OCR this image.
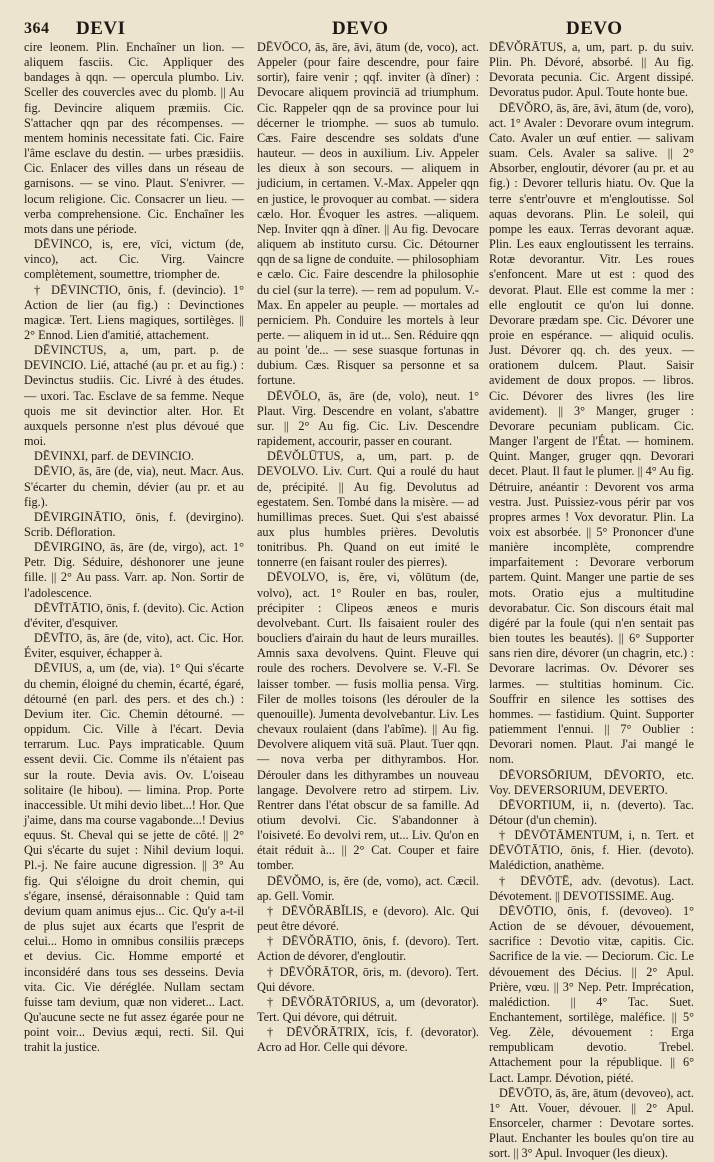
364 DEVI	DEVO	DEVO

cire leonem. Plin. Enchaîner un lion. — aliquem fasciis. Cic. Appliquer des bandages à qqn. — opercula plumbo. Liv. Sceller des couvercles avec du plomb. || Au fig. Devincire aliquem præmiis. Cic. S'attacher qqn par des récompenses. — mentem hominis necessitate fati. Cic. Faire l'âme esclave du destin. — urbes præsidiis. Cic. Enlacer des villes dans un réseau de garnisons. — se vino. Plaut. S'enivrer. — locum religione. Cic. Consacrer un lieu. — verba comprehensione. Cic. Enchaîner les mots dans une période.

DĒVINCO, is, ere, vīci, victum (de, vinco), act. Cic. Virg. Vaincre complètement, soumettre, triompher de.

† DĒVINCTIO, ōnis, f. (devincio). 1° Action de lier (au fig.) : Devinctiones magicæ. Tert. Liens magiques, sortilèges. || 2° Ennod. Lien d'amitié, attachement.

DĒVINCTUS, a, um, part. p. de DEVINCIO. Lié, attaché (au pr. et au fig.) : Devinctus studiis. Cic. Livré à des études. — uxori. Tac. Esclave de sa femme. Neque quois me sit devinctior alter. Hor. Et auxquels personne n'est plus dévoué que moi.

DĒVINXI, parf. de DEVINCIO.

DĒVIO, ās, āre (de, via), neut. Macr. Aus. S'écarter du chemin, dévier (au pr. et au fig.).

DĒVIRGINĀTIO, ōnis, f. (devirgino). Scrib. Défloration.

DĒVIRGINO, ās, āre (de, virgo), act. 1° Petr. Dig. Séduire, déshonorer une jeune fille. || 2° Au pass. Varr. ap. Non. Sortir de l'adolescence.

DĒVĪTĀTIO, ōnis, f. (devito). Cic. Action d'éviter, d'esquiver.

DĒVĪTO, ās, āre (de, vito), act. Cic. Hor. Éviter, esquiver, échapper à.

DĒVIUS, a, um (de, via). 1° Qui s'écarte du chemin, éloigné du chemin, écarté, égaré, détourné (en parl. des pers. et des ch.) : Devium iter. Cic. Chemin détourné. — oppidum. Cic. Ville à l'écart. Devia terrarum. Luc. Pays impraticable. Quum essent devii. Cic. Comme ils n'étaient pas sur la route. Devia avis. Ov. L'oiseau solitaire (le hibou). — limina. Prop. Porte inaccessible. Ut mihi devio libet...! Hor. Que j'aime, dans ma course vagabonde...! Devius equus. St. Cheval qui se jette de côté. || 2° Qui s'écarte du sujet : Nihil devium loqui. Pl.-j. Ne faire aucune digression. || 3° Au fig. Qui s'éloigne du droit chemin, qui s'égare, insensé, déraisonnable : Quid tam devium quam animus ejus... Cic. Qu'y a-t-il de plus sujet aux écarts que l'esprit de celui... Homo in omnibus consiliis præceps et devius. Cic. Homme emporté et inconsidéré dans tous ses desseins. Devia vita. Cic. Vie déréglée. Nullam sectam fuisse tam devium, quæ non videret... Lact. Qu'aucune secte ne fut assez égarée pour ne point voir... Devius æqui, recti. Sil. Qui trahit la justice.

DĒVŌCO, ās, āre, āvi, ātum (de, voco), act. Appeler (pour faire descendre, pour faire sortir), faire venir ; qqf. inviter (à dîner) : Devocare aliquem provinciā ad triumphum. Cic. Rappeler qqn de sa province pour lui décerner le triomphe. — suos ab tumulo. Cæs. Faire descendre ses soldats d'une hauteur. — deos in auxilium. Liv. Appeler les dieux à son secours. — aliquem in judicium, in certamen. V.-Max. Appeler qqn en justice, le provoquer au combat. — sidera cælo. Hor. Évoquer les astres. —aliquem. Nep. Inviter qqn à dîner. || Au fig. Devocare aliquem ab instituto cursu. Cic. Détourner qqn de sa ligne de conduite. — philosophiam e cælo. Cic. Faire descendre la philosophie du ciel (sur la terre). — rem ad populum. V.-Max. En appeler au peuple. — mortales ad perniciem. Ph. Conduire les mortels à leur perte. — aliquem in id ut... Sen. Réduire qqn au point 'de... — sese suasque fortunas in dubium. Cæs. Risquer sa personne et sa fortune.

DĒVŌLO, ās, āre (de, volo), neut. 1° Plaut. Virg. Descendre en volant, s'abattre sur. || 2° Au fig. Cic. Liv. Descendre rapidement, accourir, passer en courant.

DĒVŎLŪTUS, a, um, part. p. de DEVOLVO. Liv. Curt. Qui a roulé du haut de, précipité. || Au fig. Devolutus ad egestatem. Sen. Tombé dans la misère. — ad humillimas preces. Suet. Qui s'est abaissé aux plus humbles prières. Devolutis tonitribus. Ph. Quand on eut imité le tonnerre (en faisant rouler des pierres).

DĒVOLVO, is, ĕre, vi, vŏlūtum (de, volvo), act. 1° Rouler en bas, rouler, précipiter : Clipeos æneos e muris devolvebant. Curt. Ils faisaient rouler des boucliers d'airain du haut de leurs murailles. Amnis saxa devolvens. Quint. Fleuve qui roule des rochers. Devolvere se. V.-Fl. Se laisser tomber. — fusis mollia pensa. Virg. Filer de molles toisons (les dérouler de la quenouille). Jumenta devolvebantur. Liv. Les chevaux roulaient (dans l'abîme). || Au fig. Devolvere aliquem vitā suā. Plaut. Tuer qqn. — nova verba per dithyrambos. Hor. Dérouler dans les dithyrambes un nouveau langage. Devolvere retro ad stirpem. Liv. Rentrer dans l'état obscur de sa famille. Ad otium devolvi. Cic. S'abandonner à l'oisiveté. Eo devolvi rem, ut... Liv. Qu'on en était réduit à... || 2° Cat. Couper et faire tomber.

DĒVŎMO, is, ĕre (de, vomo), act. Cæcil. ap. Gell. Vomir.

† DĒVŎRĀBĬLIS, e (devoro). Alc. Qui peut être dévoré.

† DĒVŎRĀTIO, ōnis, f. (devoro). Tert. Action de dévorer, d'engloutir.

† DĒVŎRĀTOR, ōris, m. (devoro). Tert. Qui dévore.

† DĒVŎRĀTŌRIUS, a, um (devorator). Tert. Qui dévore, qui détruit.

† DĒVŎRĀTRIX, īcis, f. (devorator). Acro ad Hor. Celle qui dévore.

DĒVŎRĀTUS, a, um, part. p. du suiv. Plin. Ph. Dévoré, absorbé. || Au fig. Devorata pecunia. Cic. Argent dissipé. Devoratus pudor. Apul. Toute honte bue.

DĒVŎRO, ās, āre, āvi, ātum (de, voro), act. 1° Avaler : Devorare ovum integrum. Cato. Avaler un œuf entier. — salivam suam. Cels. Avaler sa salive. || 2° Absorber, engloutir, dévorer (au pr. et au fig.) : Devorer telluris hiatu. Ov. Que la terre s'entr'ouvre et m'engloutisse. Sol aquas devorans. Plin. Le soleil, qui pompe les eaux. Terras devorant aquæ. Plin. Les eaux engloutissent les terrains. Rotæ devorantur. Vitr. Les roues s'enfoncent. Mare ut est : quod des devorat. Plaut. Elle est comme la mer : elle engloutit ce qu'on lui donne. Devorare prædam spe. Cic. Dévorer une proie en espérance. — aliquid oculis. Just. Dévorer qq. ch. des yeux. — orationem dulcem. Plaut. Saisir avidement de doux propos. — libros. Cic. Dévorer des livres (les lire avidement). || 3° Manger, gruger : Devorare pecuniam publicam. Cic. Manger l'argent de l'État. — hominem. Quint. Manger, gruger qqn. Devorari decet. Plaut. Il faut le plumer. || 4° Au fig. Détruire, anéantir : Devorent vos arma vestra. Just. Puissiez-vous périr par vos propres armes ! Vox devoratur. Plin. La voix est absorbée. || 5° Prononcer d'une manière incomplète, comprendre imparfaitement : Devorare verborum partem. Quint. Manger une partie de ses mots. Oratio ejus a multitudine devorabatur. Cic. Son discours était mal digéré par la foule (qui n'en sentait pas bien toutes les beautés). || 6° Supporter sans rien dire, dévorer (un chagrin, etc.) : Devorare lacrimas. Ov. Dévorer ses larmes. — stultitias hominum. Cic. Souffrir en silence les sottises des hommes. — fastidium. Quint. Supporter patiemment l'ennui. || 7° Oublier : Devorari nomen. Plaut. J'ai mangé le nom.

DĒVORSŌRIUM, DĒVORTO, etc. Voy. DEVERSORIUM, DEVERTO.

DĒVORTIUM, ii, n. (deverto). Tac. Détour (d'un chemin).

† DĒVŌTĀMENTUM, i, n. Tert. et DĒVŌTĀTIO, ōnis, f. Hier. (devoto). Malédiction, anathème.

† DĒVŌTĒ, adv. (devotus). Lact. Dévotement. || DEVOTISSIME. Aug.

DĒVŌTIO, ōnis, f. (devoveo). 1° Action de se dévouer, dévouement, sacrifice : Devotio vitæ, capitis. Cic. Sacrifice de la vie. — Deciorum. Cic. Le dévouement des Décius. || 2° Apul. Prière, vœu. || 3° Nep. Petr. Imprécation, malédiction. || 4° Tac. Suet. Enchantement, sortilège, maléfice. || 5° Veg. Zèle, dévouement : Erga rempublicam devotio. Trebel. Attachement pour la république. || 6° Lact. Lampr. Dévotion, piété.

DĒVŌTO, ās, āre, ātum (devoveo), act. 1° Att. Vouer, dévouer. || 2° Apul. Ensorceler, charmer : Devotare sortes. Plaut. Enchanter les boules qu'on tire au sort. || 3° Apul. Invoquer (les dieux).
